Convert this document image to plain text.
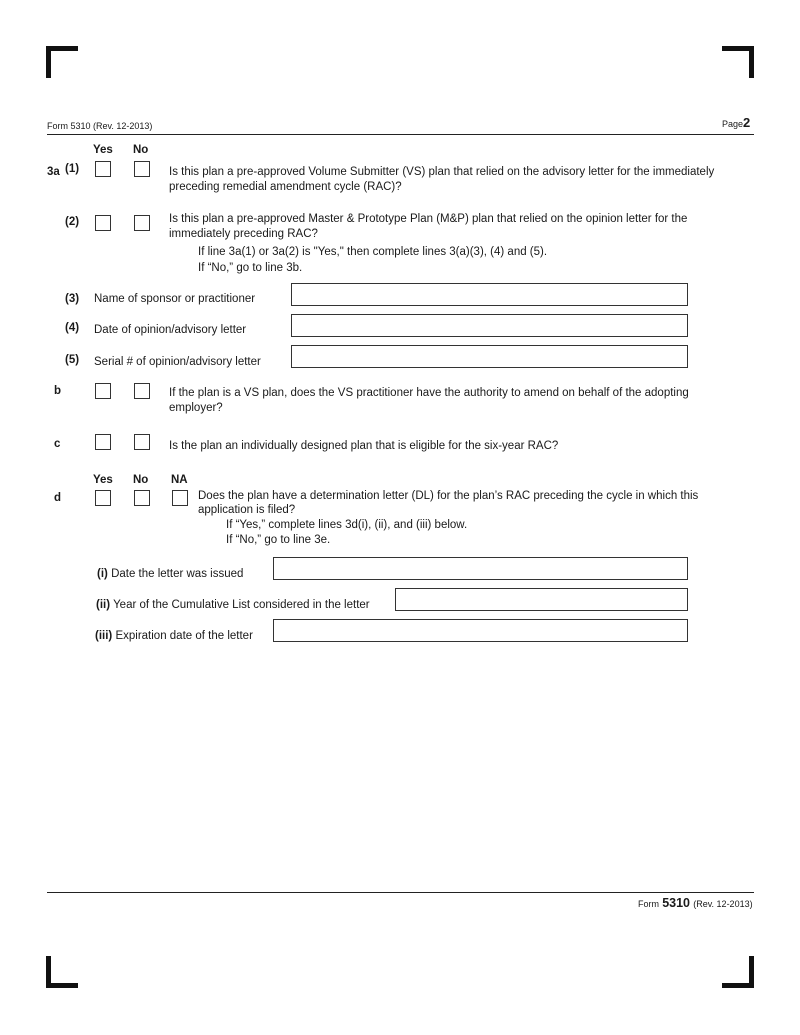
Form 5310 (Rev. 12-2013)	Page2
Yes No
3a (1)	Is this plan a pre-approved Volume Submitter (VS) plan that relied on the advisory letter for the immediately
preceding remedial amendment cycle (RAC)?
(2)	Is this plan a pre-approved Master & Prototype Plan (M&P) plan that relied on the opinion letter for the
immediately preceding RAC?
If line 3a(1) or 3a(2) is "Yes," then complete lines 3(a)(3), (4) and (5).
If “No,” go to line 3b.
(3) Name of sponsor or practitioner
(4) Date of opinion/advisory letter
(5) Serial # of opinion/advisory letter
b	If the plan is a VS plan, does the VS practitioner have the authority to amend on behalf of the adopting
employer?
c	Is the plan an individually designed plan that is eligible for the six-year RAC?
Yes No NA
d	Does the plan have a determination letter (DL) for the plan’s RAC preceding the cycle in which this
application is filed?
If “Yes,” complete lines 3d(i), (ii), and (iii) below.
If “No,” go to line 3e.
(i) Date the letter was issued
(ii) Year of the Cumulative List considered in the letter
(iii) Expiration date of the letter
Form 5310 (Rev. 12-2013)
